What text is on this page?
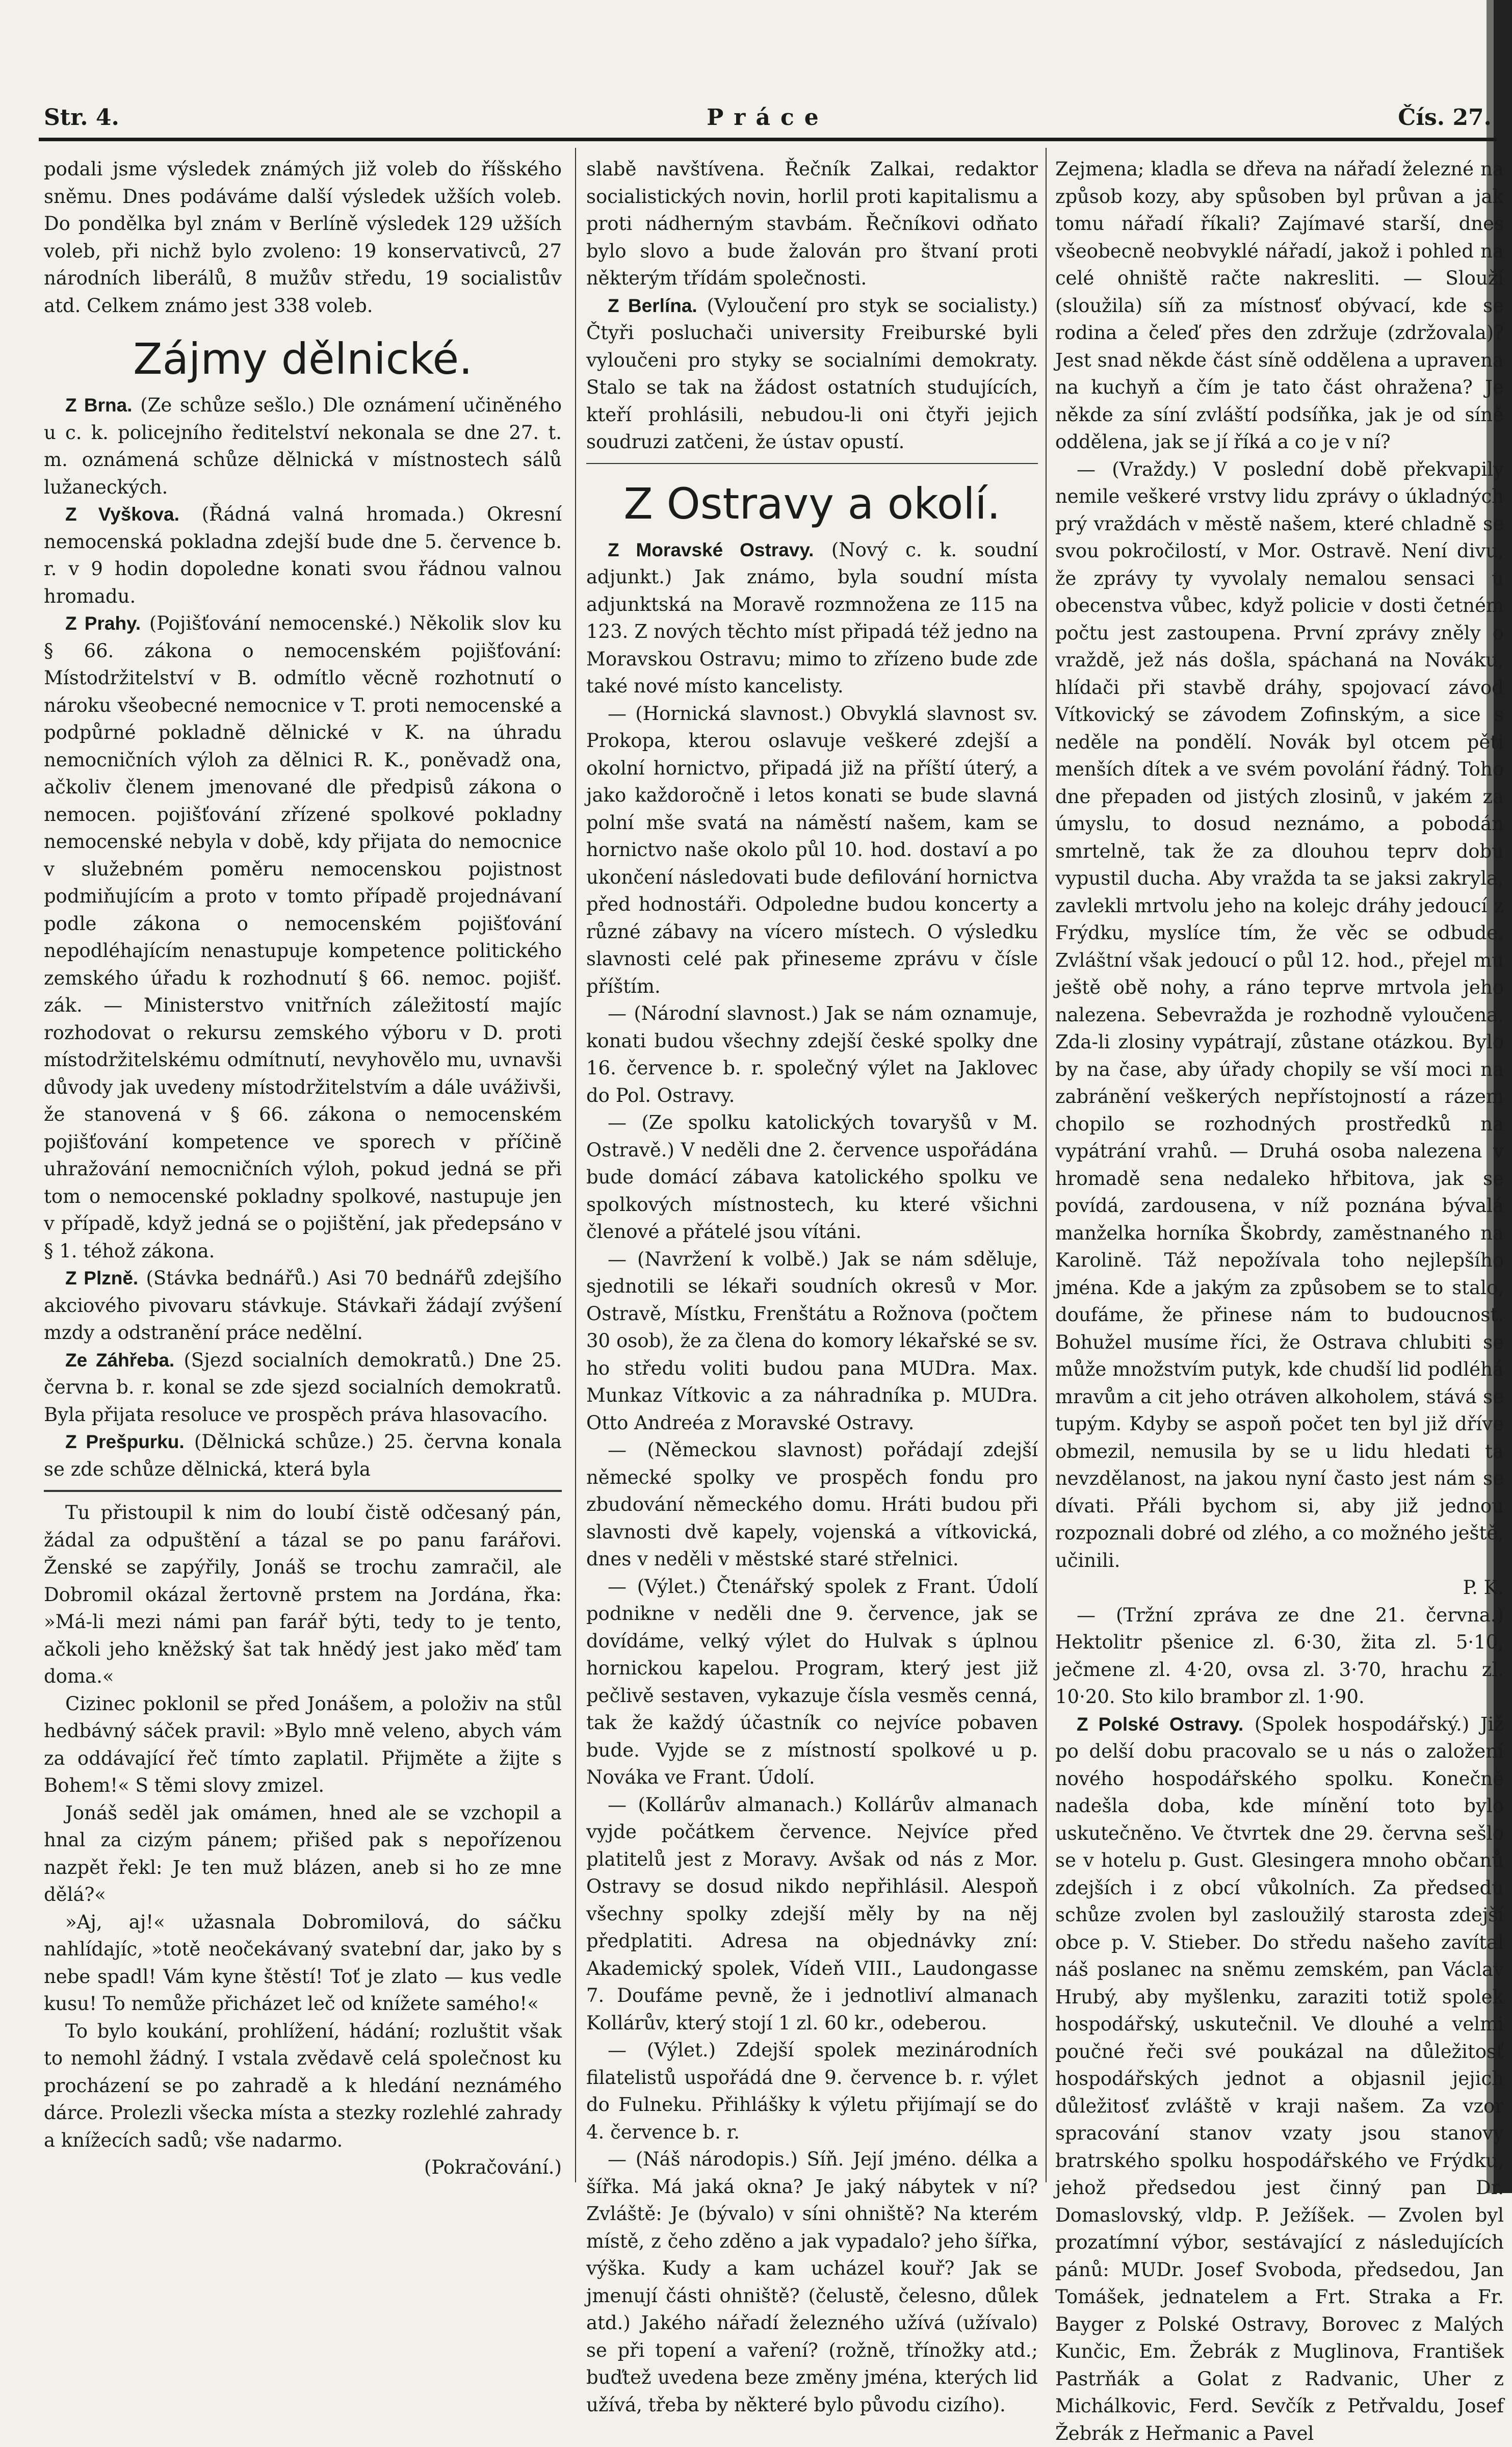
Str. 4.	Práce	Čís. 27.

podali jsme výsledek známých již voleb do říšského sněmu. Dnes podáváme další výsledek užších voleb. Do pondělka byl znám v Berlíně výsledek 129 užších voleb, při nichž bylo zvoleno: 19 konservativců, 27 národních liberálů, 8 mužův středu, 19 socialistův atd. Celkem známo jest 338 voleb.

Zájmy dělnické.

Z Brna. (Ze schůze sešlo.) Dle oznámení učiněného u c. k. policejního ředitelství nekonala se dne 27. t. m. oznámená schůze dělnická v místnostech sálů lužaneckých.

Z Vyškova. (Řádná valná hromada.) Okresní nemocenská pokladna zdejší bude dne 5. července b. r. v 9 hodin dopoledne konati svou řádnou valnou hromadu.

Z Prahy. (Pojišťování nemocenské.) Několik slov ku § 66. zákona o nemocenském pojišťování: Místodržitelství v B. odmítlo věcně rozhotnutí o nároku všeobecné nemocnice v T. proti nemocenské a podpůrné pokladně dělnické v K. na úhradu nemocničních výloh za dělnici R. K., poněvadž ona, ačkoliv členem jmenované dle předpisů zákona o nemocen. pojišťování zřízené spolkové pokladny nemocenské nebyla v době, kdy přijata do nemocnice v služebném poměru nemocenskou pojistnost podmiňujícím a proto v tomto případě projednávaní podle zákona o nemocenském pojišťování nepodléhajícím nenastupuje kompetence politického zemského úřadu k rozhodnutí § 66. nemoc. pojišť. zák. — Ministerstvo vnitřních záležitostí majíc rozhodovat o rekursu zemského výboru v D. proti místodržitelskému odmítnutí, nevyhovělo mu, uvnavši důvody jak uvedeny místodržitelstvím a dále uváživši, že stanovená v § 66. zákona o nemocenském pojišťování kompetence ve sporech v příčině uhražování nemocničních výloh, pokud jedná se při tom o nemocenské pokladny spolkové, nastupuje jen v případě, když jedná se o pojištění, jak předepsáno v § 1. téhož zákona.

Z Plzně. (Stávka bednářů.) Asi 70 bednářů zdejšího akciového pivovaru stávkuje. Stávkaři žádají zvýšení mzdy a odstranění práce nedělní.

Ze Záhřeba. (Sjezd socialních demokratů.) Dne 25. června b. r. konal se zde sjezd socialních demokratů. Byla přijata resoluce ve prospěch práva hlasovacího.

Z Prešpurku. (Dělnická schůze.) 25. června konala se zde schůze dělnická, která byla

Tu přistoupil k nim do loubí čistě odčesaný pán, žádal za odpuštění a tázal se po panu farářovi. Ženské se zapýřily, Jonáš se trochu zamračil, ale Dobromil okázal žertovně prstem na Jordána, řka: »Má-li mezi námi pan farář býti, tedy to je tento, ačkoli jeho kněžský šat tak hnědý jest jako měď tam doma.«

Cizinec poklonil se před Jonášem, a položiv na stůl hedbávný sáček pravil: »Bylo mně veleno, abych vám za oddávající řeč tímto zaplatil. Přijměte a žijte s Bohem!« S těmi slovy zmizel.

Jonáš seděl jak omámen, hned ale se vzchopil a hnal za cizým pánem; přišed pak s nepořízenou nazpět řekl: Je ten muž blázen, aneb si ho ze mne dělá?«

»Aj, aj!« užasnala Dobromilová, do sáčku nahlídajíc, »totě neočekávaný svatební dar, jako by s nebe spadl! Vám kyne štěstí! Toť je zlato — kus vedle kusu! To nemůže přicházet leč od knížete samého!«

To bylo koukání, prohlížení, hádání; rozluštit však to nemohl žádný. I vstala zvědavě celá společnost ku procházení se po zahradě a k hledání neznámého dárce. Prolezli všecka místa a stezky rozlehlé zahrady a knížecích sadů; vše nadarmo.

(Pokračování.)

slabě navštívena. Řečník Zalkai, redaktor socialistických novin, horlil proti kapitalismu a proti nádherným stavbám. Řečníkovi odňato bylo slovo a bude žalován pro štvaní proti některým třídám společnosti.

Z Berlína. (Vyloučení pro styk se socialisty.) Čtyři posluchači university Freiburské byli vyloučeni pro styky se socialními demokraty. Stalo se tak na žádost ostatních studujících, kteří prohlásili, nebudou-li oni čtyři jejich soudruzi zatčeni, že ústav opustí.

Z Ostravy a okolí.

Z Moravské Ostravy. (Nový c. k. soudní adjunkt.) Jak známo, byla soudní místa adjunktská na Moravě rozmnožena ze 115 na 123. Z nových těchto míst připadá též jedno na Moravskou Ostravu; mimo to zřízeno bude zde také nové místo kancelisty.

— (Hornická slavnost.) Obvyklá slavnost sv. Prokopa, kterou oslavuje veškeré zdejší a okolní hornictvo, připadá již na příští úterý, a jako každoročně i letos konati se bude slavná polní mše svatá na náměstí našem, kam se hornictvo naše okolo půl 10. hod. dostaví a po ukončení následovati bude defilování hornictva před hodnostáři. Odpoledne budou koncerty a různé zábavy na vícero místech. O výsledku slavnosti celé pak přineseme zprávu v čísle příštím.

— (Národní slavnost.) Jak se nám oznamuje, konati budou všechny zdejší české spolky dne 16. července b. r. společný výlet na Jaklovec do Pol. Ostravy.

— (Ze spolku katolických tovaryšů v M. Ostravě.) V neděli dne 2. července uspořádána bude domácí zábava katolického spolku ve spolkových místnostech, ku které všichni členové a přátelé jsou vítáni.

— (Navržení k volbě.) Jak se nám sděluje, sjednotili se lékaři soudních okresů v Mor. Ostravě, Místku, Frenštátu a Rožnova (počtem 30 osob), že za člena do komory lékařské se sv. ho středu voliti budou pana MUDra. Max. Munkaz Vítkovic a za náhradníka p. MUDra. Otto Andreéa z Moravské Ostravy.

— (Německou slavnost) pořádají zdejší německé spolky ve prospěch fondu pro zbudování německého domu. Hráti budou při slavnosti dvě kapely, vojenská a vítkovická, dnes v neděli v městské staré střelnici.

— (Výlet.) Čtenářský spolek z Frant. Údolí podnikne v neděli dne 9. července, jak se dovídáme, velký výlet do Hulvak s úplnou hornickou kapelou. Program, který jest již pečlivě sestaven, vykazuje čísla vesměs cenná, tak že každý účastník co nejvíce pobaven bude. Vyjde se z místností spolkové u p. Nováka ve Frant. Údolí.

— (Kollárův almanach.) Kollárův almanach vyjde počátkem července. Nejvíce před platitelů jest z Moravy. Avšak od nás z Mor. Ostravy se dosud nikdo nepřihlásil. Alespoň všechny spolky zdejší měly by na něj předplatiti. Adresa na objednávky zní: Akademický spolek, Vídeň VIII., Laudongasse 7. Doufáme pevně, že i jednotliví almanach Kollárův, který stojí 1 zl. 60 kr., odeberou.

— (Výlet.) Zdejší spolek mezinárodních filatelistů uspořádá dne 9. července b. r. výlet do Fulneku. Přihlášky k výletu přijímají se do 4. července b. r.

— (Náš národopis.) Síň. Její jméno. délka a šířka. Má jaká okna? Je jaký nábytek v ní? Zvláště: Je (bývalo) v síni ohniště? Na kterém místě, z čeho zděno a jak vypadalo? jeho šířka, výška. Kudy a kam ucházel kouř? Jak se jmenují části ohniště? (čelustě, čelesno, důlek atd.) Jakého nářadí železného užívá (užívalo) se při topení a vaření? (rožně, třínožky atd.; buďtež uvedena beze změny jména, kterých lid užívá, třeba by některé bylo původu cizího).

Zejmena; kladla se dřeva na nářadí železné na způsob kozy, aby spůsoben byl průvan a jak tomu nářadí říkali? Zajímavé starší, dnes všeobecně neobvyklé nářadí, jakož i pohled na celé ohniště račte nakresliti. — Slouží (sloužila) síň za místnosť obývací, kde se rodina a čeleď přes den zdržuje (zdržovala)? Jest snad někde část síně oddělena a upravena na kuchyň a čím je tato část ohražena? Je někde za síní zvláští podsíňka, jak je od síně oddělena, jak se jí říká a co je v ní?

— (Vraždy.) V poslední době překvapily nemile veškeré vrstvy lidu zprávy o úkladných prý vraždách v městě našem, které chladně se svou pokročilostí, v Mor. Ostravě. Není divu, že zprávy ty vyvolaly nemalou sensaci u obecenstva vůbec, když policie v dosti četném počtu jest zastoupena. První zprávy zněly o vraždě, jež nás došla, spáchaná na Nováku, hlídači při stavbě dráhy, spojovací závod Vítkovický se závodem Zofinským, a sice s neděle na pondělí. Novák byl otcem pěti menších dítek a ve svém povolání řádný. Toho dne přepaden od jistých zlosinů, v jakém za úmyslu, to dosud neznámo, a pobodán smrtelně, tak že za dlouhou teprv dobu vypustil ducha. Aby vražda ta se jaksi zakryla, zavlekli mrtvolu jeho na kolejc dráhy jedoucí z Frýdku, myslíce tím, že věc se odbude. Zvláštní však jedoucí o půl 12. hod., přejel mu ještě obě nohy, a ráno teprve mrtvola jeho nalezena. Sebevražda je rozhodně vyloučena. Zda-li zlosiny vypátrají, zůstane otázkou. Bylo by na čase, aby úřady chopily se vší moci na zabránění veškerých nepřístojností a rázem chopilo se rozhodných prostředků na vypátrání vrahů. — Druhá osoba nalezena v hromadě sena nedaleko hřbitova, jak se povídá, zardousena, v níž poznána bývalá manželka horníka Škobrdy, zaměstnaného na Karolině. Táž nepožívala toho nejlepšího jména. Kde a jakým za způsobem se to stalo, doufáme, že přinese nám to budoucnost. Bohužel musíme říci, že Ostrava chlubiti se může množstvím putyk, kde chudší lid podléhá mravům a cit jeho otráven alkoholem, stává se tupým. Kdyby se aspoň počet ten byl již dříve obmezil, nemusila by se u lidu hledati ta nevzdělanost, na jakou nyní často jest nám se dívati. Přáli bychom si, aby již jednou rozpoznali dobré od zlého, a co možného ještě, učinili.

P. K.

— (Tržní zpráva ze dne 21. června.) Hektolitr pšenice zl. 6·30, žita zl. 5·10, ječmene zl. 4·20, ovsa zl. 3·70, hrachu zl. 10·20. Sto kilo brambor zl. 1·90.

Z Polské Ostravy. (Spolek hospodářský.) Již po delší dobu pracovalo se u nás o založení nového hospodářského spolku. Konečně nadešla doba, kde mínění toto bylo uskutečněno. Ve čtvrtek dne 29. června sešlo se v hotelu p. Gust. Glesingera mnoho občanů zdejších i z obcí vůkolních. Za předsedu schůze zvolen byl zasloužilý starosta zdejší obce p. V. Stieber. Do středu našeho zavítal náš poslanec na sněmu zemském, pan Václav Hrubý, aby myšlenku, zaraziti totiž spolek hospodářský, uskutečnil. Ve dlouhé a velmi poučné řeči své poukázal na důležitosť hospodářských jednot a objasnil jejich důležitosť zvláště v kraji našem. Za vzor spracování stanov vzaty jsou stanovy bratrského spolku hospodářského ve Frýdku, jehož předsedou jest činný pan Dr. Domaslovský, vldp. P. Ježíšek. — Zvolen byl prozatímní výbor, sestávající z následujících pánů: MUDr. Josef Svoboda, předsedou, Jan Tomášek, jednatelem a Frt. Straka a Fr. Bayger z Polské Ostravy, Borovec z Malých Kunčic, Em. Žebrák z Muglinova, František Pastrňák a Golat z Radvanic, Uher z Michálkovic, Ferd. Sevčík z Petřvaldu, Josef Žebrák z Heřmanic a Pavel
